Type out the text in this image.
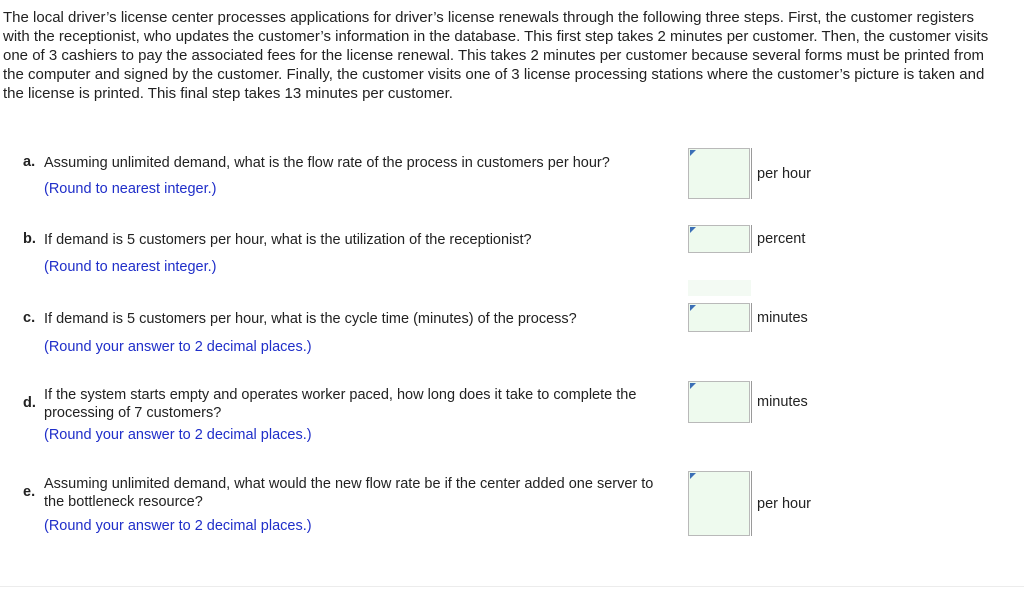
The local driver’s license center processes applications for driver’s license renewals through the following three steps. First, the customer registers with the receptionist, who updates the customer’s information in the database. This first step takes 2 minutes per customer. Then, the customer visits one of 3 cashiers to pay the associated fees for the license renewal. This takes 2 minutes per customer because several forms must be printed from the computer and signed by the customer. Finally, the customer visits one of 3 license processing stations where the customer’s picture is taken and the license is printed. This final step takes 13 minutes per customer.

a. Assuming unlimited demand, what is the flow rate of the process in customers per hour?
(Round to nearest integer.)
per hour
b. If demand is 5 customers per hour, what is the utilization of the receptionist?
(Round to nearest integer.)
percent
c. If demand is 5 customers per hour, what is the cycle time (minutes) of the process?
(Round your answer to 2 decimal places.)
minutes
d. If the system starts empty and operates worker paced, how long does it take to complete the processing of 7 customers?
(Round your answer to 2 decimal places.)
minutes
e. Assuming unlimited demand, what would the new flow rate be if the center added one server to the bottleneck resource?
(Round your answer to 2 decimal places.)
per hour
